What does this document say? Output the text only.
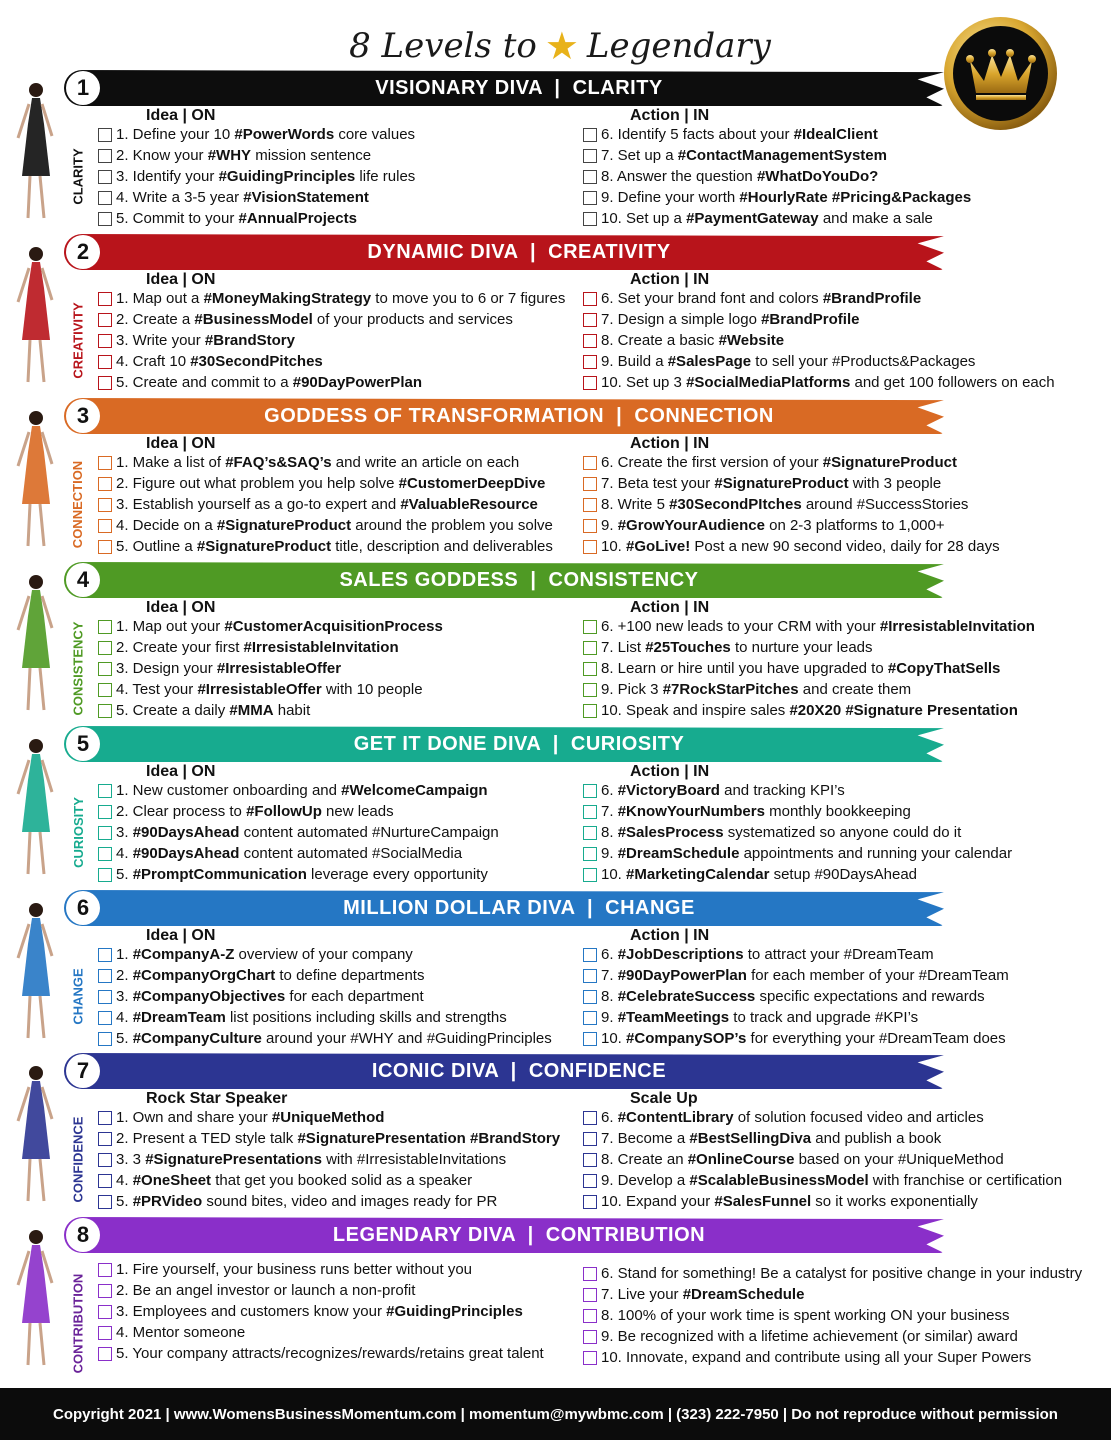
8 Levels to ★ Legendary
1	VISIONARY DIVA  |  CLARITY
CLARITY
Idea | ON	Action | IN
1. Define your 10 #PowerWords core values
2. Know your #WHY mission sentence
3. Identify your #GuidingPrinciples life rules
4. Write a 3-5 year #VisionStatement
5. Commit to your #AnnualProjects
6. Identify 5 facts about your #IdealClient
7. Set up a #ContactManagementSystem
8. Answer the question #WhatDoYouDo?
9. Define your worth #HourlyRate #Pricing&Packages
10. Set up a #PaymentGateway and make a sale
2	DYNAMIC DIVA  |  CREATIVITY
CREATIVITY
Idea | ON	Action | IN
1. Map out a #MoneyMakingStrategy to move you to 6 or 7 figures
2. Create a #BusinessModel of your products and services
3. Write your #BrandStory
4. Craft 10 #30SecondPitches
5. Create and commit to a #90DayPowerPlan
6. Set your brand font and colors #BrandProfile
7. Design a simple logo #BrandProfile
8. Create a basic #Website
9. Build a #SalesPage to sell your #Products&Packages
10. Set up 3 #SocialMediaPlatforms and get 100 followers on each
3	GODDESS OF TRANSFORMATION  |  CONNECTION
CONNECTION
Idea | ON	Action | IN
1. Make a list of #FAQ’s&SAQ’s and write an article on each
2. Figure out what problem you help solve #CustomerDeepDive
3. Establish yourself as a go-to expert and #ValuableResource
4. Decide on a #SignatureProduct around the problem you solve
5. Outline a #SignatureProduct title, description and deliverables
6. Create the first version of your #SignatureProduct
7. Beta test your #SignatureProduct with 3 people
8. Write 5 #30SecondPItches around #SuccessStories
9. #GrowYourAudience on 2-3 platforms to 1,000+
10. #GoLive! Post a new 90 second video, daily for 28 days
4	SALES GODDESS  |  CONSISTENCY
CONSISTENCY
Idea | ON	Action | IN
1. Map out your #CustomerAcquisitionProcess
2. Create your first #IrresistableInvitation
3. Design your #IrresistableOffer
4. Test your #IrresistableOffer with 10 people
5. Create a daily #MMA habit
6. +100 new leads to your CRM with your #IrresistableInvitation
7. List #25Touches to nurture your leads
8. Learn or hire until you have upgraded to #CopyThatSells
9. Pick 3 #7RockStarPitches and create them
10. Speak and inspire sales #20X20 #Signature Presentation
5	GET IT DONE DIVA  |  CURIOSITY
CURIOSITY
Idea | ON	Action | IN
1. New customer onboarding and #WelcomeCampaign
2. Clear process to #FollowUp new leads
3. #90DaysAhead content automated #NurtureCampaign
4. #90DaysAhead content automated #SocialMedia
5. #PromptCommunication leverage every opportunity
6. #VictoryBoard and tracking KPI’s
7. #KnowYourNumbers monthly bookkeeping
8. #SalesProcess systematized so anyone could do it
9. #DreamSchedule appointments and running your calendar
10. #MarketingCalendar setup #90DaysAhead
6	MILLION DOLLAR DIVA  |  CHANGE
CHANGE
Idea | ON	Action | IN
1. #CompanyA-Z overview of your company
2. #CompanyOrgChart to define departments
3. #CompanyObjectives for each department
4. #DreamTeam list positions including skills and strengths
5. #CompanyCulture around your #WHY and #GuidingPrinciples
6. #JobDescriptions to attract your #DreamTeam
7. #90DayPowerPlan for each member of your #DreamTeam
8. #CelebrateSuccess specific expectations and rewards
9. #TeamMeetings to track and upgrade #KPI’s
10. #CompanySOP’s for everything your #DreamTeam does
7	ICONIC DIVA  |  CONFIDENCE
CONFIDENCE
Rock Star Speaker	Scale Up
1. Own and share your #UniqueMethod
2. Present a TED style talk #SignaturePresentation #BrandStory
3. 3 #SignaturePresentations with #IrresistableInvitations
4. #OneSheet that get you booked solid as a speaker
5. #PRVideo sound bites, video and images ready for PR
6. #ContentLibrary of solution focused video and articles
7. Become a #BestSellingDiva and publish a book
8. Create an #OnlineCourse based on your #UniqueMethod
9. Develop a #ScalableBusinessModel with franchise or certification
10. Expand your #SalesFunnel so it works exponentially
8	LEGENDARY DIVA  |  CONTRIBUTION
CONTRIBUTION
1. Fire yourself, your business runs better without you
2. Be an angel investor or launch a non-profit
3. Employees and customers know your #GuidingPrinciples
4. Mentor someone
5. Your company attracts/recognizes/rewards/retains great talent
6. Stand for something! Be a catalyst for positive change in your industry
7. Live your #DreamSchedule
8. 100% of your work time is spent working ON your business
9. Be recognized with a lifetime achievement (or similar) award
10. Innovate, expand and contribute using all your Super Powers
Copyright 2021 | www.WomensBusinessMomentum.com | momentum@mywbmc.com | (323) 222-7950 | Do not reproduce without permission
